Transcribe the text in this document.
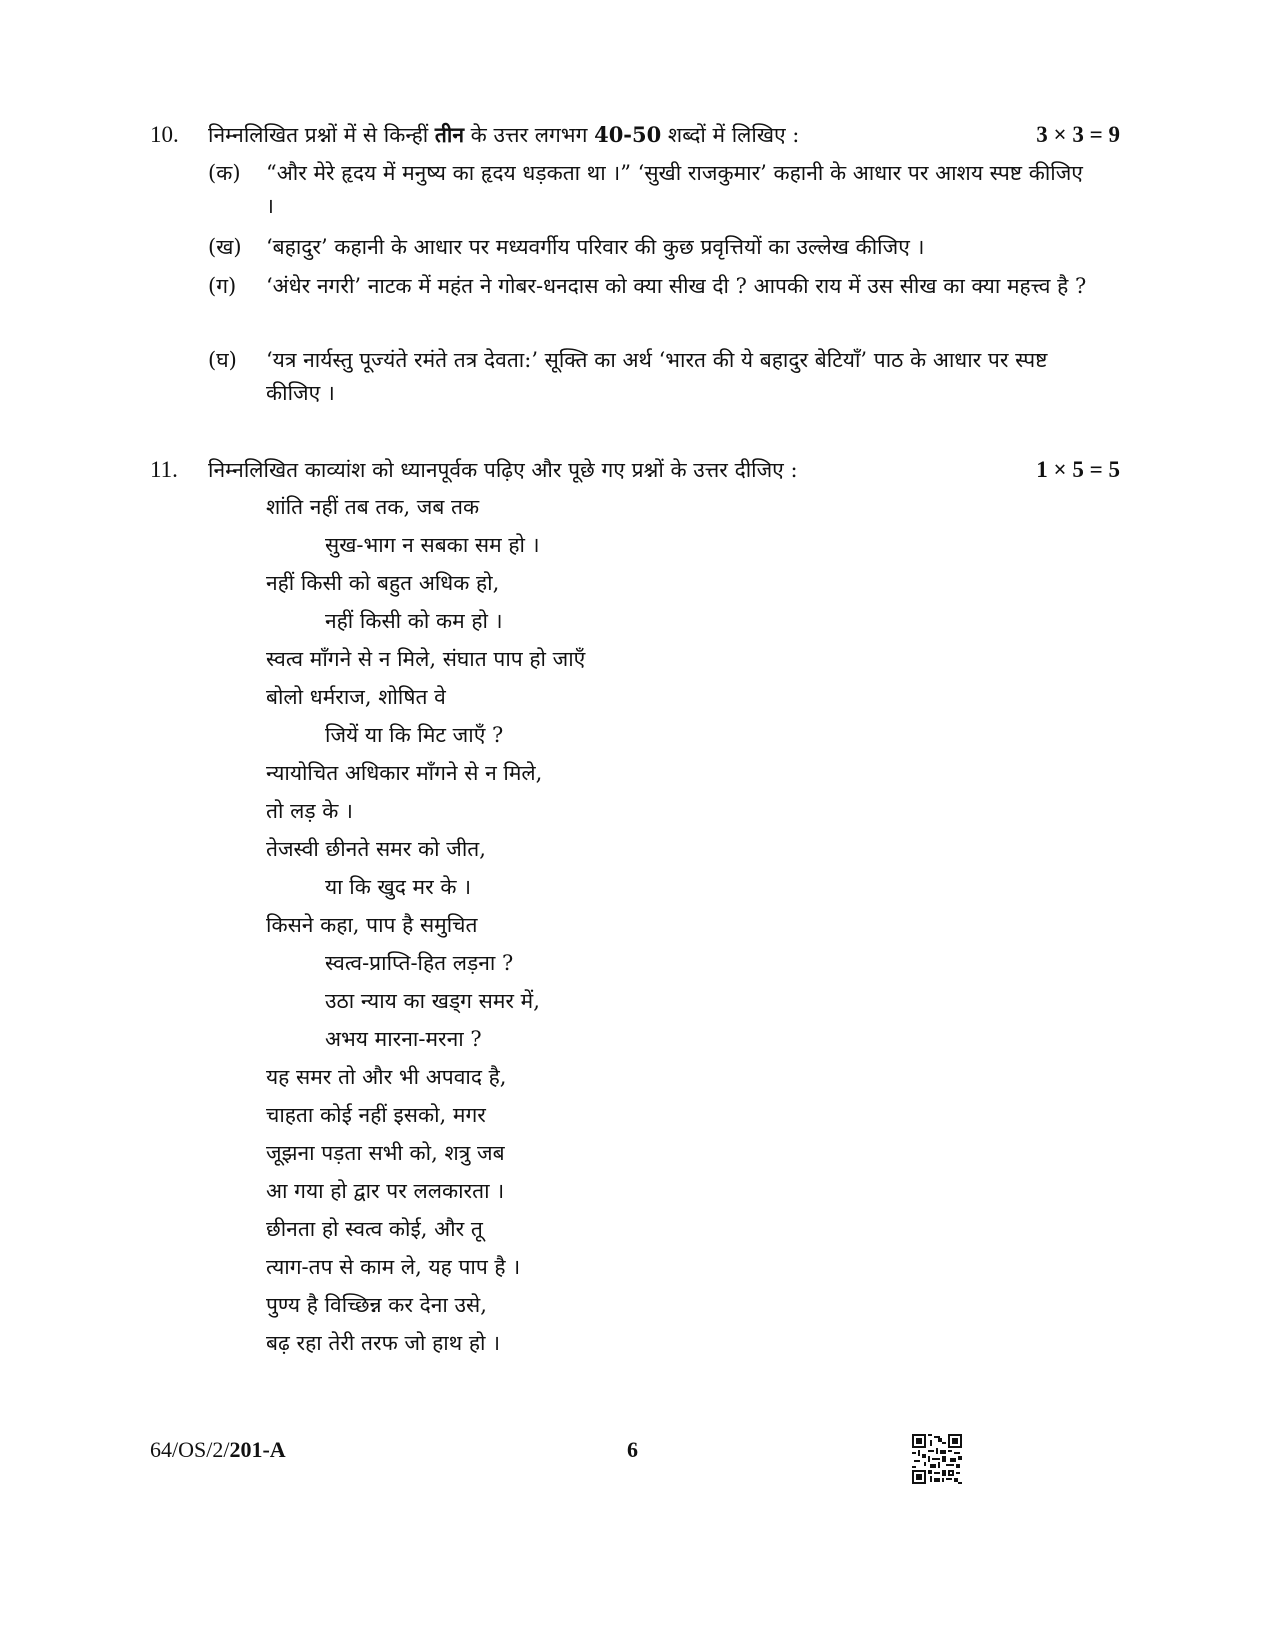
10. निम्नलिखित प्रश्नों में से किन्हीं तीन के उत्तर लगभग 40-50 शब्दों में लिखिए :	3 × 3 = 9
(क) “और मेरे हृदय में मनुष्य का हृदय धड़कता था ।” ‘सुखी राजकुमार’ कहानी के आधार पर आशय स्पष्ट कीजिए ।
(ख) ‘बहादुर’ कहानी के आधार पर मध्यवर्गीय परिवार की कुछ प्रवृत्तियों का उल्लेख कीजिए ।
(ग) ‘अंधेर नगरी’ नाटक में महंत ने गोबर-धनदास को क्या सीख दी ? आपकी राय में उस सीख का क्या महत्त्व है ?
(घ) ‘यत्र नार्यस्तु पूज्यंते रमंते तत्र देवता:’ सूक्ति का अर्थ ‘भारत की ये बहादुर बेटियाँ’ पाठ के आधार पर स्पष्ट कीजिए ।
11. निम्नलिखित काव्यांश को ध्यानपूर्वक पढ़िए और पूछे गए प्रश्नों के उत्तर दीजिए :	1 × 5 = 5
शांति नहीं तब तक, जब तक
सुख-भाग न सबका सम हो ।
नहीं किसी को बहुत अधिक हो,
नहीं किसी को कम हो ।
स्वत्व माँगने से न मिले, संघात पाप हो जाएँ
बोलो धर्मराज, शोषित वे
जियें या कि मिट जाएँ ?
न्यायोचित अधिकार माँगने से न मिले,
तो लड़ के ।
तेजस्वी छीनते समर को जीत,
या कि खुद मर के ।
किसने कहा, पाप है समुचित
स्वत्व-प्राप्ति-हित लड़ना ?
उठा न्याय का खड्ग समर में,
अभय मारना-मरना ?
यह समर तो और भी अपवाद है,
चाहता कोई नहीं इसको, मगर
जूझना पड़ता सभी को, शत्रु जब
आ गया हो द्वार पर ललकारता ।
छीनता हो स्वत्व कोई, और तू
त्याग-तप से काम ले, यह पाप है ।
पुण्य है विच्छिन्न कर देना उसे,
बढ़ रहा तेरी तरफ जो हाथ हो ।
64/OS/2/201-A	6
